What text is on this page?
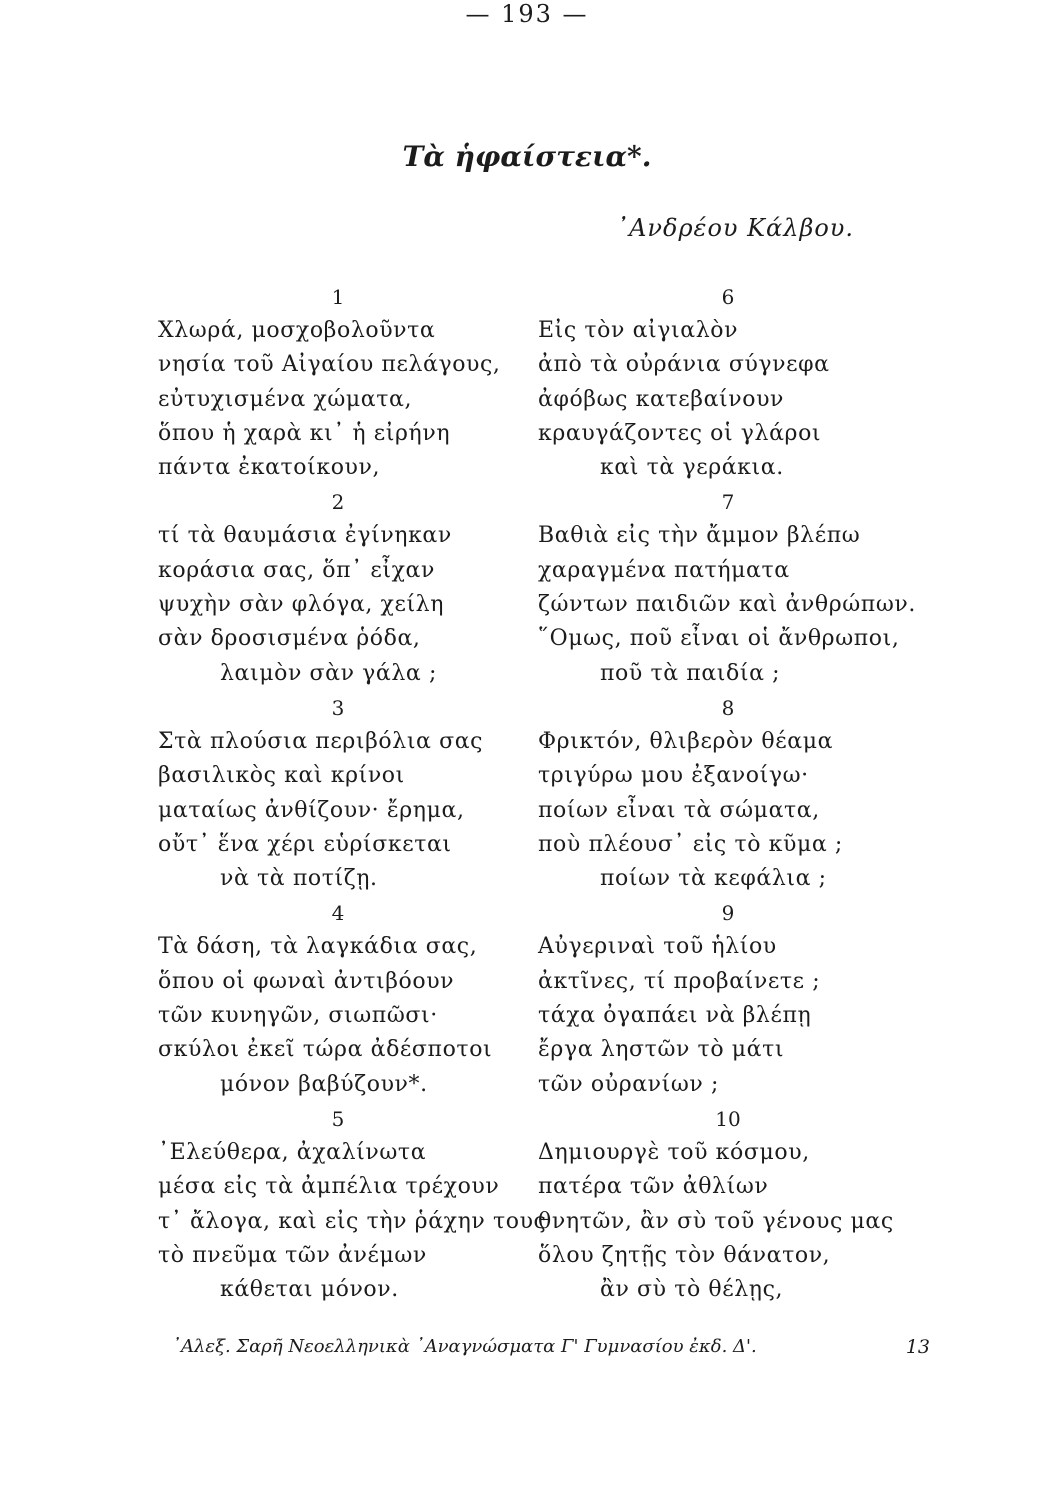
— 193 —
Τὰ ἡφαίστεια*.
᾿Ανδρέου Κάλβου.
1
Χλωρά, μοσχοβολοῦντα
νησία τοῦ Αἰγαίου πελάγους,
εὐτυχισμένα χώματα,
ὅπου ἡ χαρὰ κι᾿ ἡ εἰρήνη
πάντα ἐκατοίκουν,
2
τί τὰ θαυμάσια ἐγίνηκαν
κοράσια σας, ὅπ᾿ εἶχαν
ψυχὴν σὰν φλόγα, χείλη
σὰν δροσισμένα ῥόδα,
λαιμὸν σὰν γάλα ;
3
Στὰ πλούσια περιβόλια σας
βασιλικὸς καὶ κρίνοι
ματαίως ἀνθίζουν· ἔρημα,
οὔτ᾿ ἕνα χέρι εὑρίσκεται
νὰ τὰ ποτίζῃ.
4
Τὰ δάση, τὰ λαγκάδια σας,
ὅπου οἱ φωναὶ ἀντιβόουν
τῶν κυνηγῶν, σιωπῶσι·
σκύλοι ἐκεῖ τώρα ἀδέσποτοι
μόνον βαβύζουν*.
5
᾿Ελεύθερα, ἀχαλίνωτα
μέσα εἰς τὰ ἀμπέλια τρέχουν
τ᾿ ἄλογα, καὶ εἰς τὴν ῥάχην τους
τὸ πνεῦμα τῶν ἀνέμων
κάθεται μόνον.
6
Εἰς τὸν αἰγιαλὸν
ἀπὸ τὰ οὐράνια σύγνεφα
ἀφόβως κατεβαίνουν
κραυγάζοντες οἱ γλάροι
καὶ τὰ γεράκια.
7
Βαθιὰ εἰς τὴν ἄμμον βλέπω
χαραγμένα πατήματα
ζώντων παιδιῶν καὶ ἀνθρώπων.
῞Ομως, ποῦ εἶναι οἱ ἄνθρωποι,
ποῦ τὰ παιδία ;
8
Φρικτόν, θλιβερὸν θέαμα
τριγύρω μου ἐξανοίγω·
ποίων εἶναι τὰ σώματα,
ποὺ πλέουσ᾿ εἰς τὸ κῦμα ;
ποίων τὰ κεφάλια ;
9
Αὐγεριναὶ τοῦ ἡλίου
ἀκτῖνες, τί προβαίνετε ;
τάχα ὀγαπάει νὰ βλέπῃ
ἔργα ληστῶν τὸ μάτι
τῶν οὐρανίων ;
10
Δημιουργὲ τοῦ κόσμου,
πατέρα τῶν ἀθλίων
θνητῶν, ἂν σὺ τοῦ γένους μας
ὅλου ζητῇς τὸν θάνατον,
ἂν σὺ τὸ θέλῃς,
᾿Αλεξ. Σαρῆ Νεοελληνικὰ ᾿Αναγνώσματα Γ' Γυμνασίου ἐκδ. Δ'.	13
